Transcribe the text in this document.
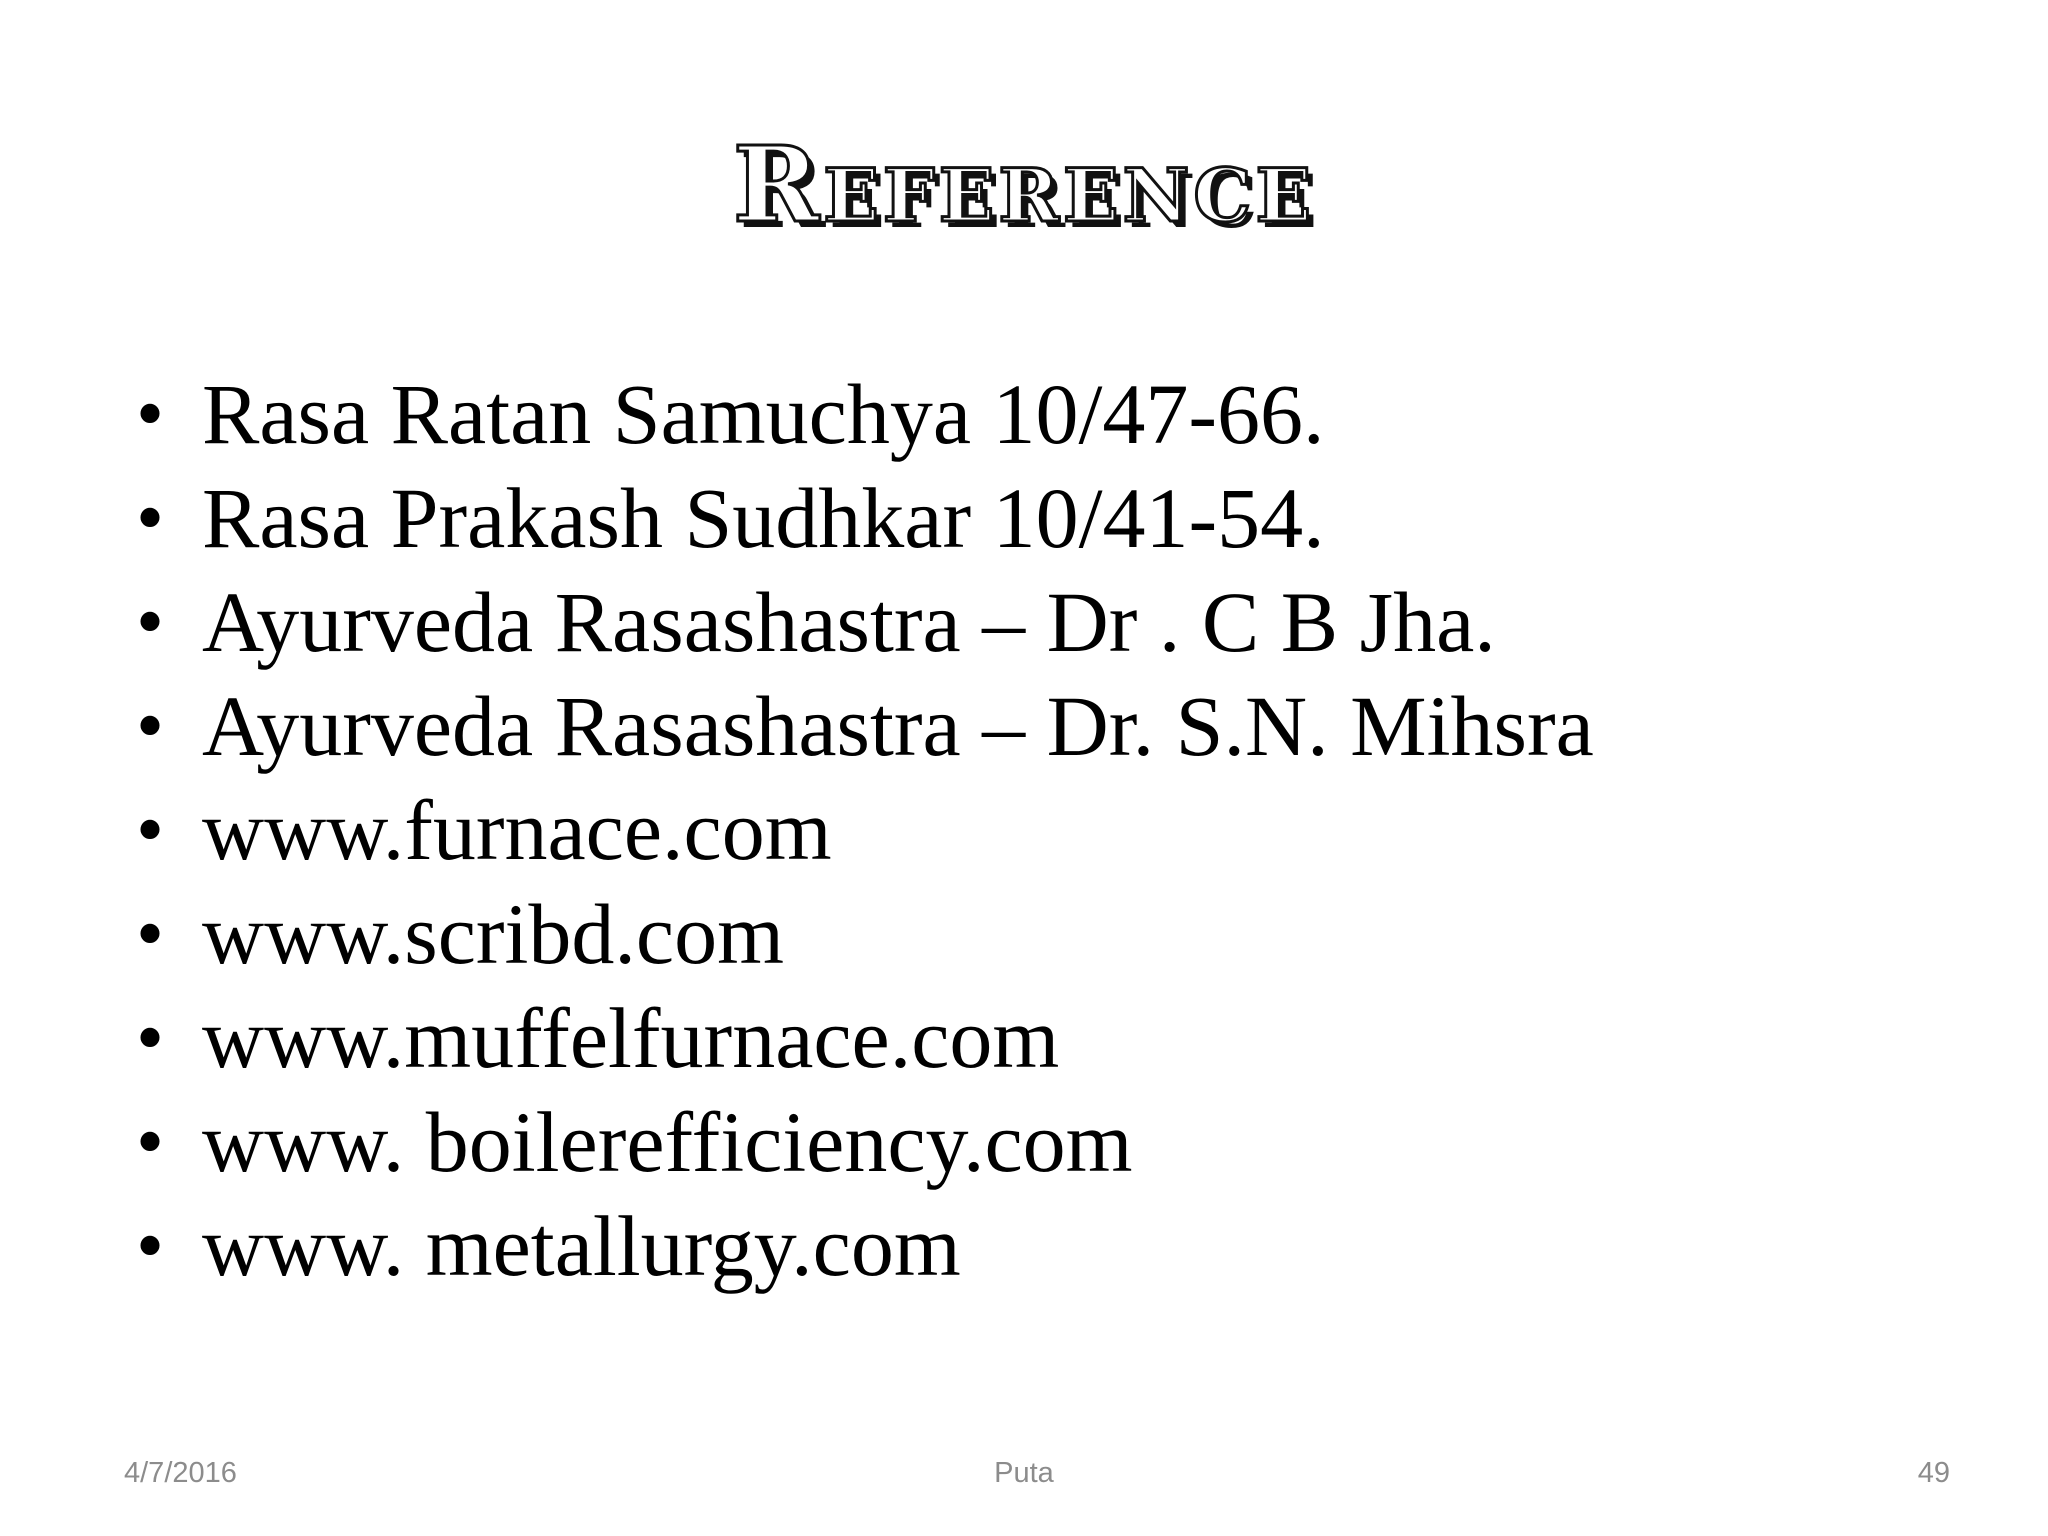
Reference
• Rasa Ratan Samuchya 10/47-66.
• Rasa Prakash Sudhkar 10/41-54.
• Ayurveda Rasashastra – Dr . C B Jha.
• Ayurveda Rasashastra – Dr. S.N. Mihsra
• www.furnace.com
• www.scribd.com
• www.muffelfurnace.com
• www. boilerefficiency.com
• www. metallurgy.com
4/7/2016	Puta	49
